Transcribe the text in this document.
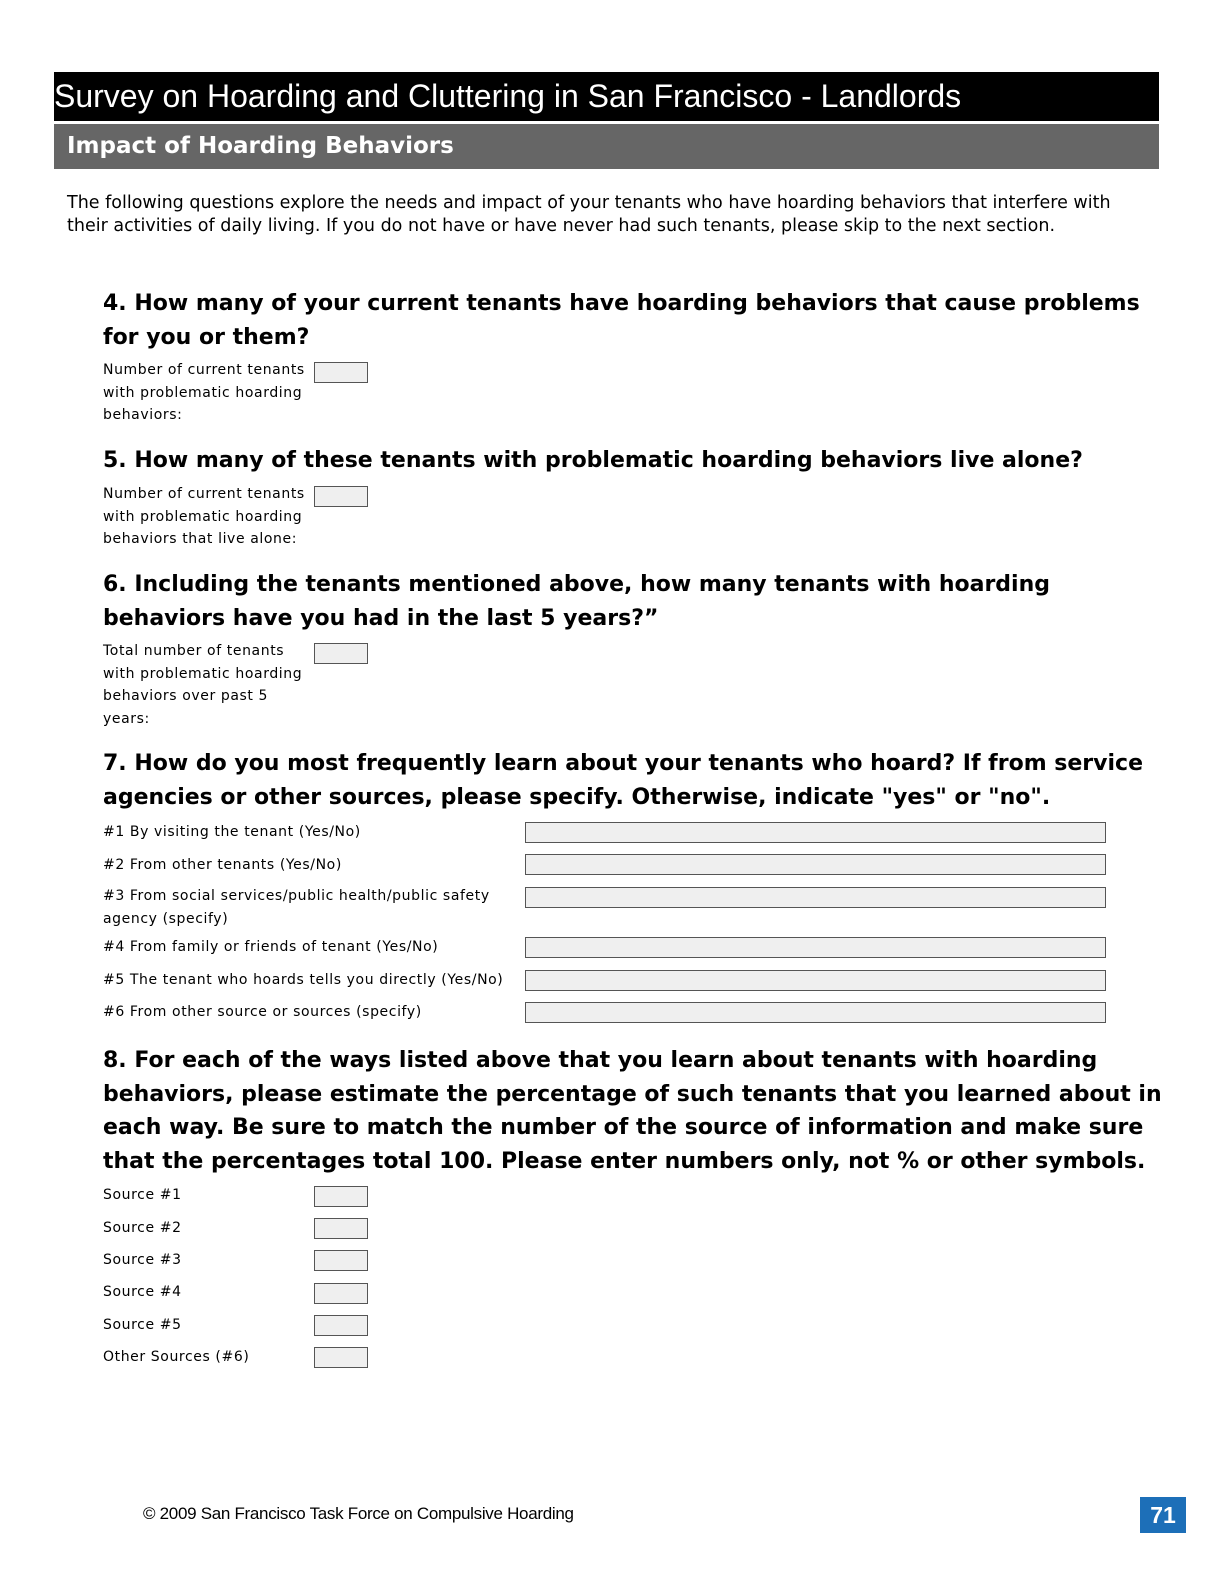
Survey on Hoarding and Cluttering in San Francisco - Landlords
Impact of Hoarding Behaviors

The following questions explore the needs and impact of your tenants who have hoarding behaviors that interfere with their activities of daily living. If you do not have or have never had such tenants, please skip to the next section.

4. How many of your current tenants have hoarding behaviors that cause problems for you or them?

Number of current tenants with problematic hoarding behaviors:

5. How many of these tenants with problematic hoarding behaviors live alone?

Number of current tenants with problematic hoarding behaviors that live alone:

6. Including the tenants mentioned above, how many tenants with hoarding behaviors have you had in the last 5 years?”

Total number of tenants with problematic hoarding behaviors over past 5 years:

7. How do you most frequently learn about your tenants who hoard? If from service agencies or other sources, please specify. Otherwise, indicate "yes" or "no".

#1 By visiting the tenant (Yes/No)

#2 From other tenants (Yes/No)

#3 From social services/public health/public safety agency (specify)

#4 From family or friends of tenant (Yes/No)

#5 The tenant who hoards tells you directly (Yes/No)

#6 From other source or sources (specify)

8. For each of the ways listed above that you learn about tenants with hoarding behaviors, please estimate the percentage of such tenants that you learned about in each way. Be sure to match the number of the source of information and make sure that the percentages total 100. Please enter numbers only, not % or other symbols.

Source #1

Source #2

Source #3

Source #4

Source #5

Other Sources (#6)

© 2009 San Francisco Task Force on Compulsive Hoarding	71
